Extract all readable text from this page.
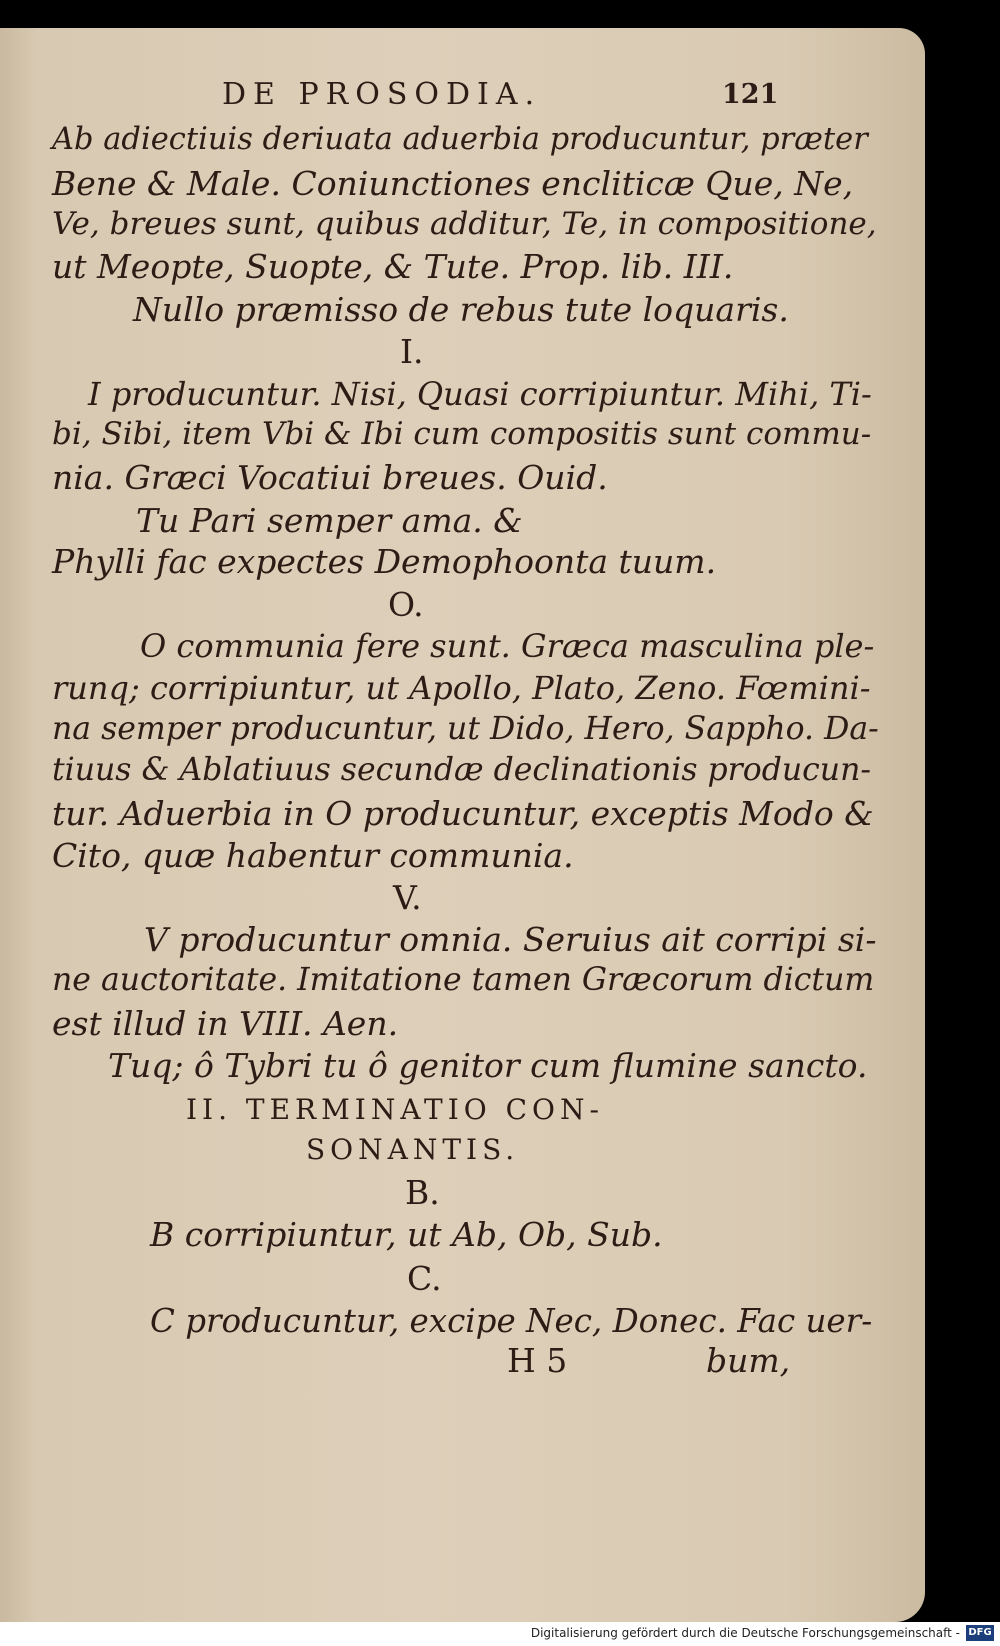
DE PROSODIA.	121
Ab adiectiuis deriuata aduerbia producuntur, præter
Bene & Male. Coniunctiones encliticæ Que, Ne,
Ve, breues sunt, quibus additur, Te, in compositione,
ut Meopte, Suopte, & Tute. Prop. lib. III.
Nullo præmisso de rebus tute loquaris.
I.
I producuntur. Nisi, Quasi corripiuntur. Mihi, Ti-
bi, Sibi, item Vbi & Ibi cum compositis sunt commu-
nia. Græci Vocatiui breues. Ouid.
Tu Pari semper ama. &
Phylli fac expectes Demophoonta tuum.
O.
O communia fere sunt. Græca masculina ple-
runq; corripiuntur, ut Apollo, Plato, Zeno. Fœmini-
na semper producuntur, ut Dido, Hero, Sappho. Da-
tiuus & Ablatiuus secundæ declinationis producun-
tur. Aduerbia in O producuntur, exceptis Modo &
Cito, quæ habentur communia.
V.
V producuntur omnia. Seruius ait corripi si-
ne auctoritate. Imitatione tamen Græcorum dictum
est illud in VIII. Aen.
Tuq; ô Tybri tu ô genitor cum flumine sancto.
II. TERMINATIO CON-
SONANTIS.
B.
B corripiuntur, ut Ab, Ob, Sub.
C.
C producuntur, excipe Nec, Donec. Fac uer-
H 5	bum,
Digitalisierung gefördert durch die Deutsche Forschungsgemeinschaft - DFG
